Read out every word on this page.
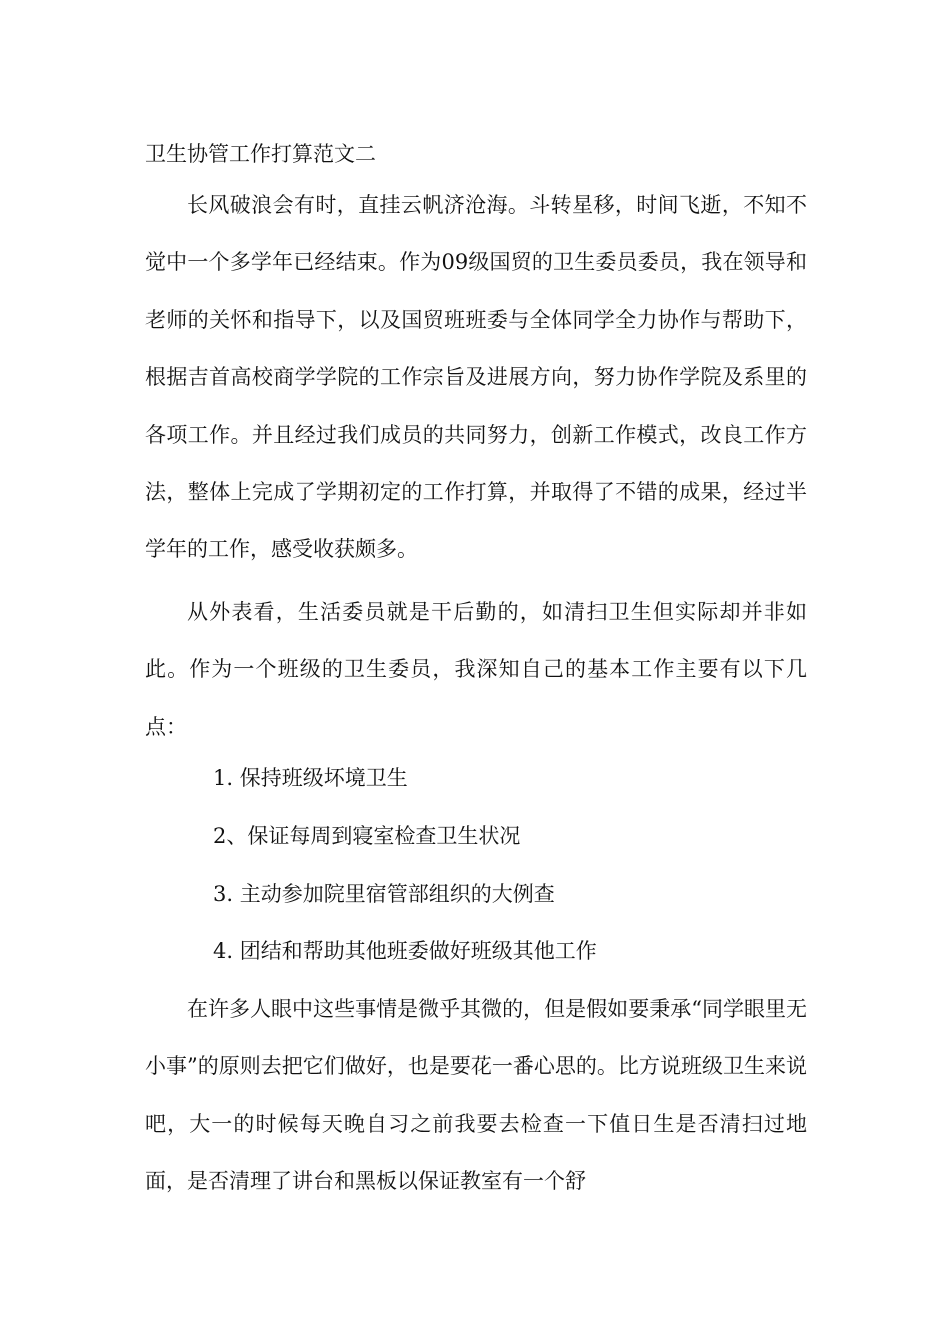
卫生协管工作打算范文二

长风破浪会有时，直挂云帆济沧海。斗转星移，时间飞逝，不知不觉中一个多学年已经结束。作为09级国贸的卫生委员委员，我在领导和老师的关怀和指导下，以及国贸班班委与全体同学全力协作与帮助下，根据吉首高校商学学院的工作宗旨及进展方向，努力协作学院及系里的各项工作。并且经过我们成员的共同努力，创新工作模式，改良工作方法，整体上完成了学期初定的工作打算，并取得了不错的成果，经过半学年的工作，感受收获颇多。

从外表看，生活委员就是干后勤的，如清扫卫生但实际却并非如 此。作为一个班级的卫生委员，我深知自己的基本工作主要有以下几 点：

1. 保持班级坏境卫生
2、保证每周到寝室检查卫生状况
3. 主动参加院里宿管部组织的大例查
4. 团结和帮助其他班委做好班级其他工作

在许多人眼中这些事情是微乎其微的，但是假如要秉承“同学眼里无小事”的原则去把它们做好，也是要花一番心思的。比方说班级卫生来说吧，大一的时候每天晚自习之前我要去检查一下值日生是否清扫过地面，是否清理了讲台和黑板以保证教室有一个舒
